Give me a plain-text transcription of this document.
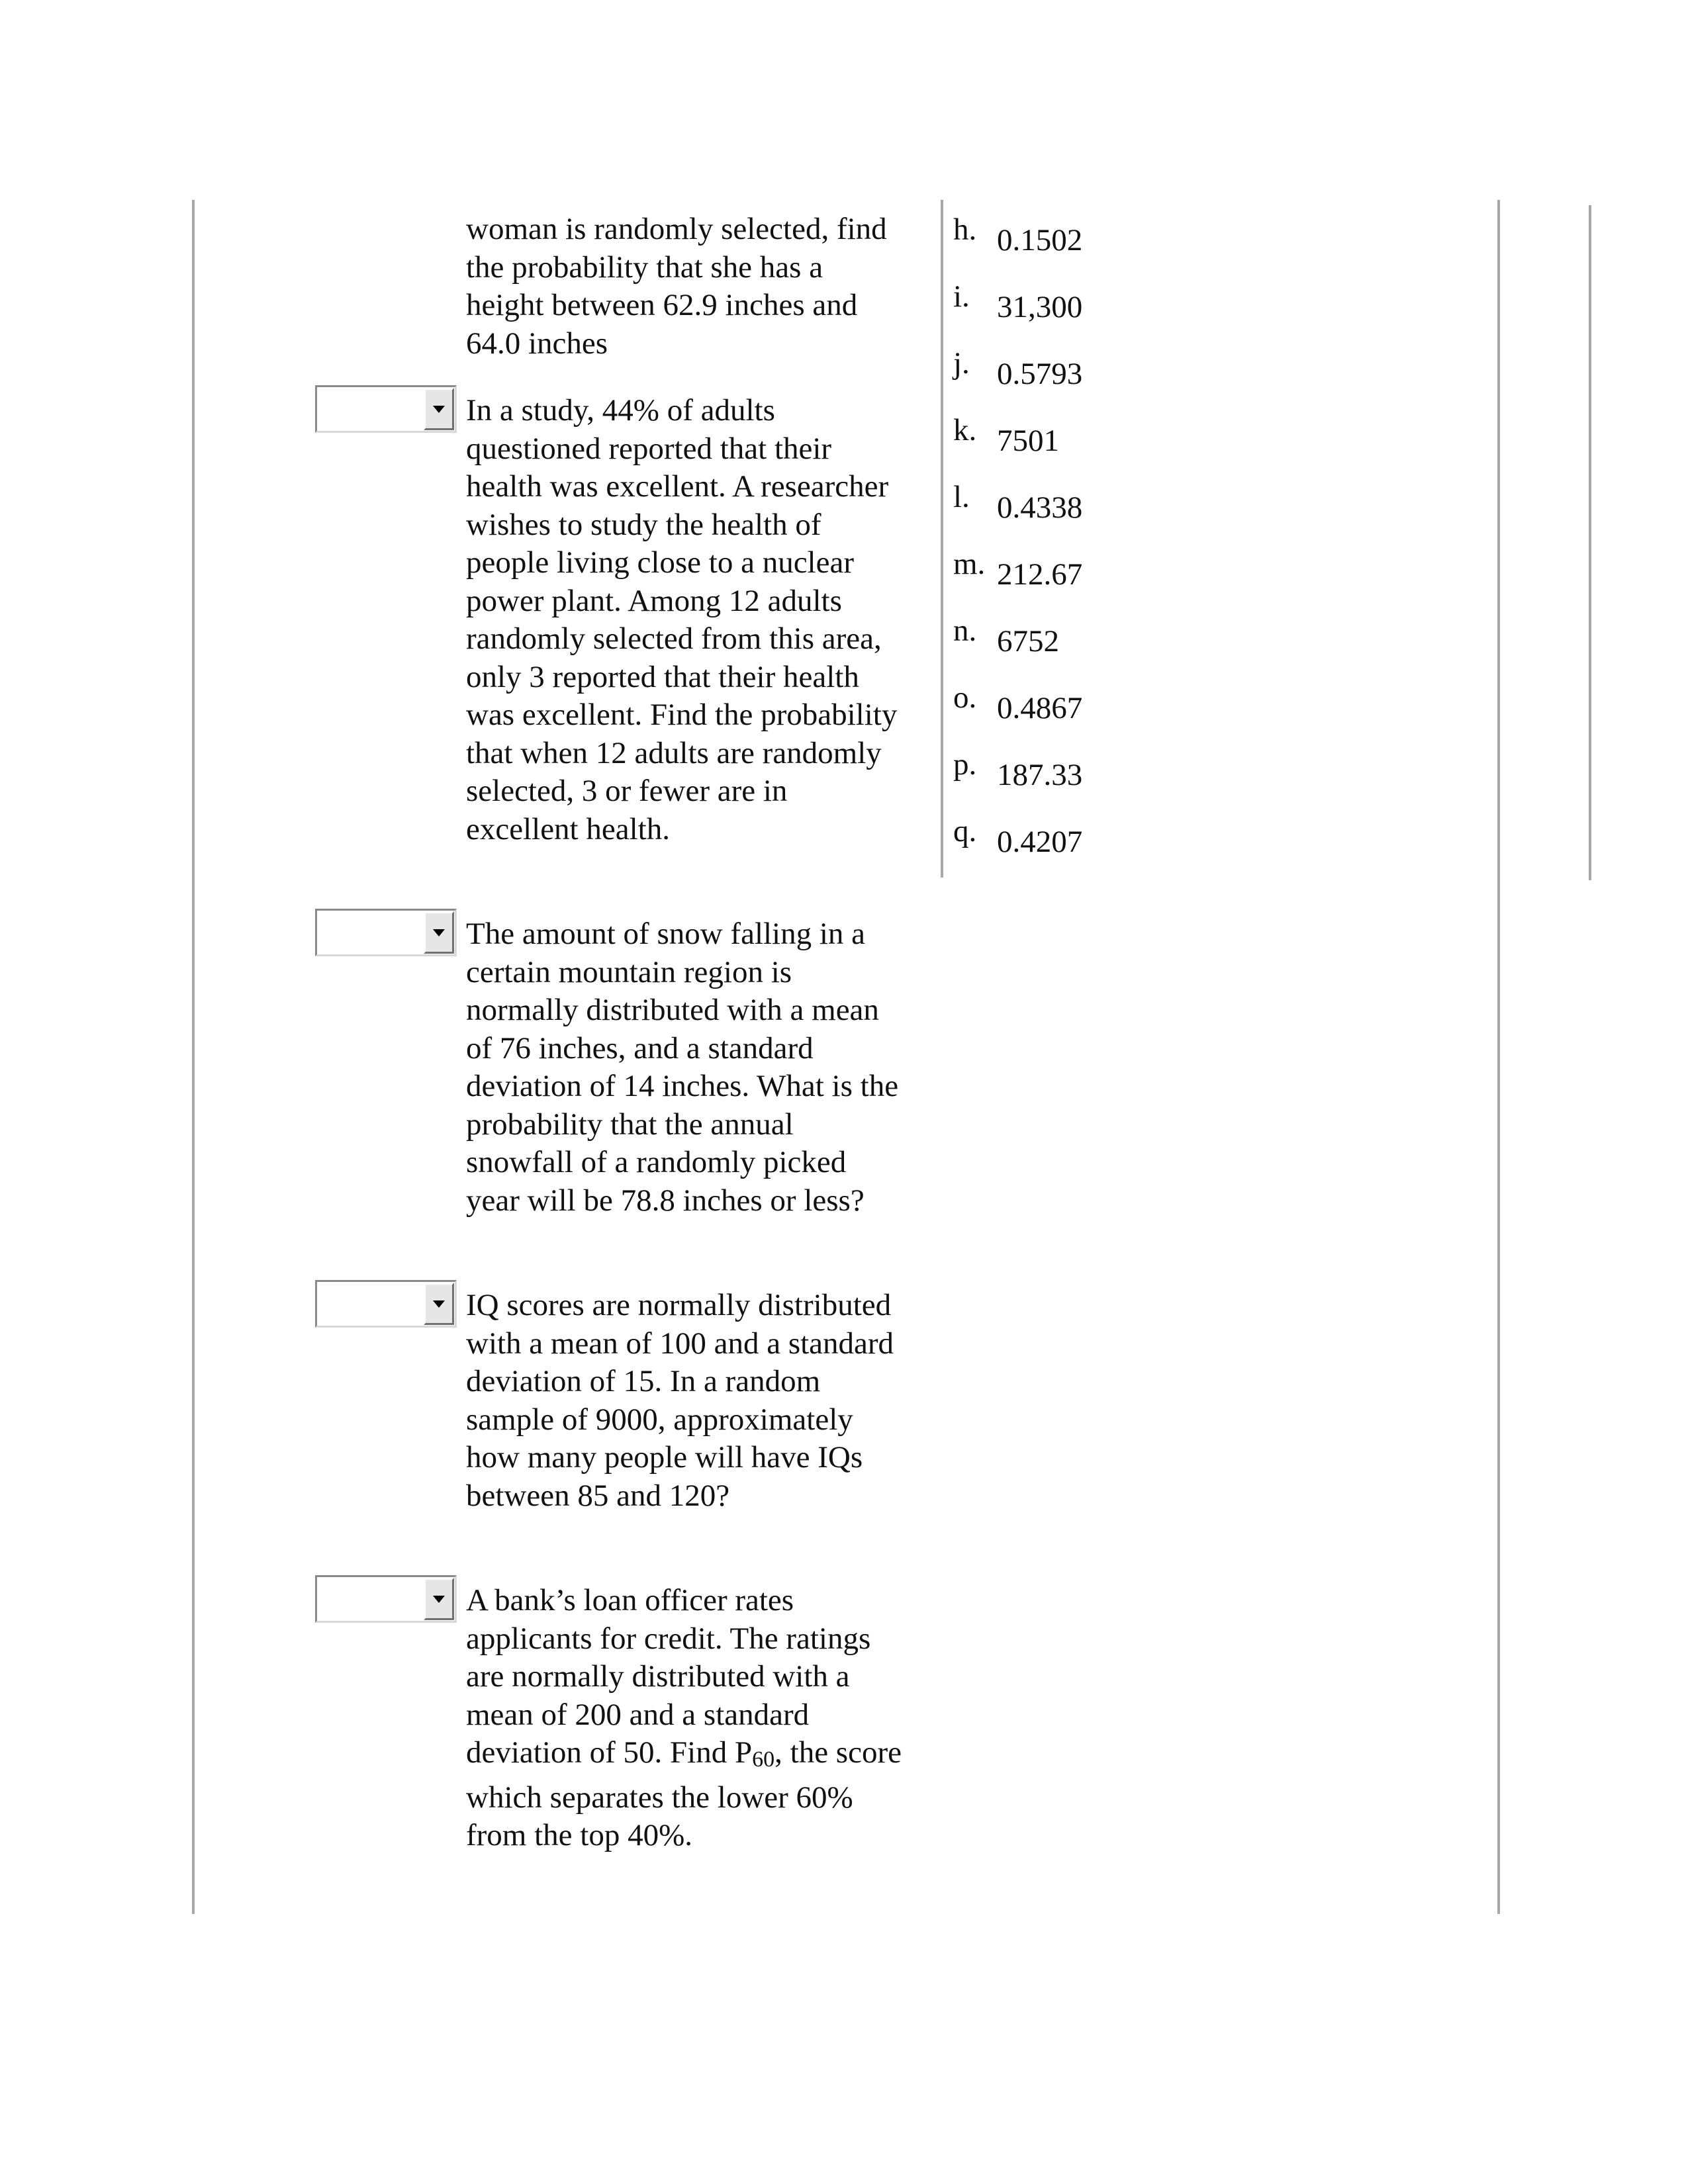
woman is randomly selected, find
the probability that she has a
height between 62.9 inches and
64.0 inches
In a study, 44% of adults
questioned reported that their
health was excellent. A researcher
wishes to study the health of
people living close to a nuclear
power plant. Among 12 adults
randomly selected from this area,
only 3 reported that their health
was excellent. Find the probability
that when 12 adults are randomly
selected, 3 or fewer are in
excellent health.
The amount of snow falling in a
certain mountain region is
normally distributed with a mean
of 76 inches, and a standard
deviation of 14 inches. What is the
probability that the annual
snowfall of a randomly picked
year will be 78.8 inches or less?
IQ scores are normally distributed
with a mean of 100 and a standard
deviation of 15. In a random
sample of 9000, approximately
how many people will have IQs
between 85 and 120?
A bank’s loan officer rates
applicants for credit. The ratings
are normally distributed with a
mean of 200 and a standard
deviation of 50. Find $P_{60}$, the score
which separates the lower 60%
from the top 40%.
h. 0.1502
i. 31,300
j. 0.5793
k. 7501
l. 0.4338
m. 212.67
n. 6752
o. 0.4867
p. 187.33
q. 0.4207
